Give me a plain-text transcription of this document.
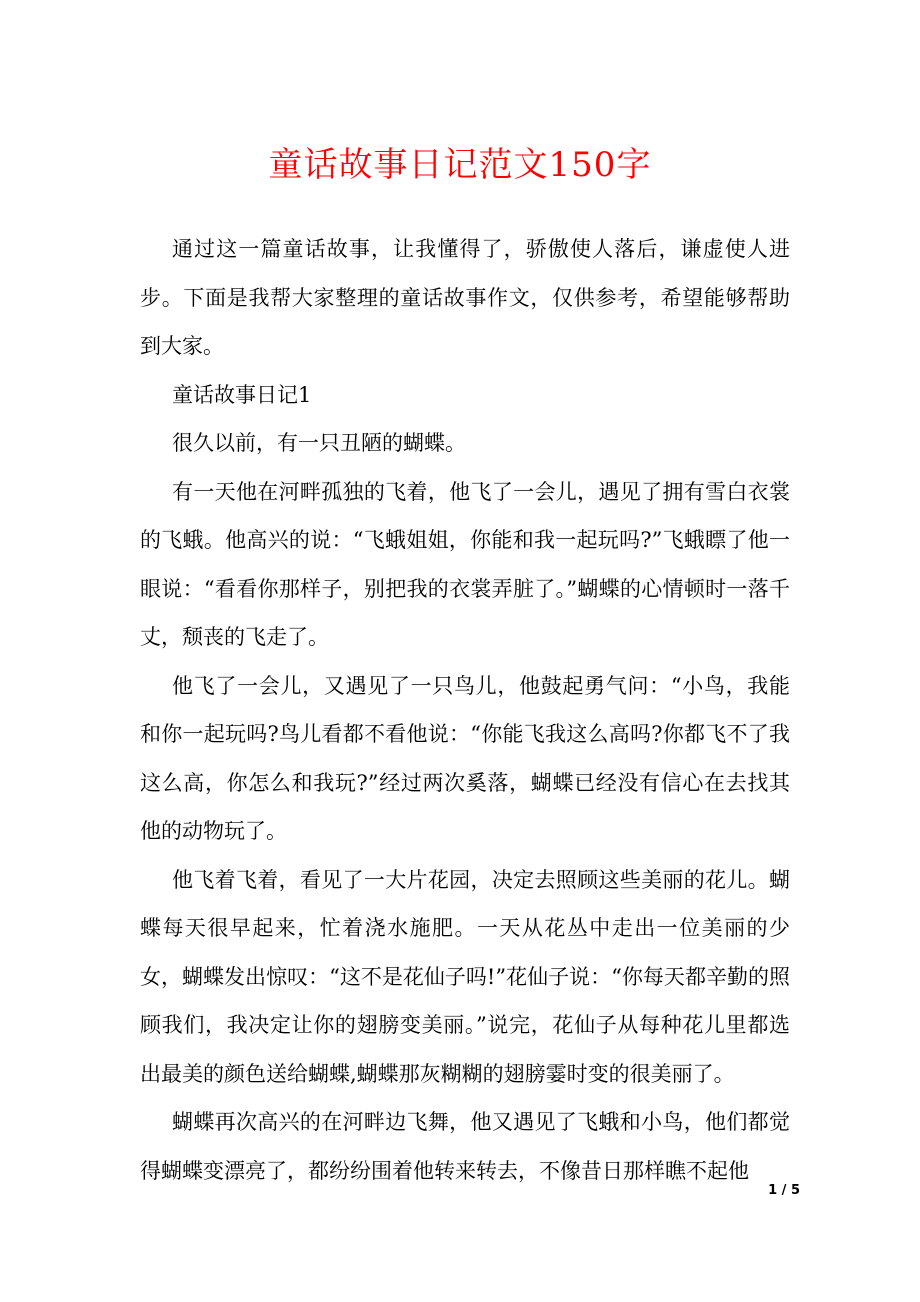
童话故事日记范文150字

通过这一篇童话故事，让我懂得了，骄傲使人落后，谦虚使人进步。下面是我帮大家整理的童话故事作文，仅供参考，希望能够帮助到大家。

童话故事日记1

很久以前，有一只丑陋的蝴蝶。

有一天他在河畔孤独的飞着，他飞了一会儿，遇见了拥有雪白衣裳的飞蛾。他高兴的说：“飞蛾姐姐，你能和我一起玩吗?”飞蛾瞟了他一眼说：“看看你那样子，别把我的衣裳弄脏了。”蝴蝶的心情顿时一落千丈，颓丧的飞走了。

他飞了一会儿，又遇见了一只鸟儿，他鼓起勇气问：“小鸟，我能和你一起玩吗?鸟儿看都不看他说：“你能飞我这么高吗?你都飞不了我这么高，你怎么和我玩?”经过两次奚落，蝴蝶已经没有信心在去找其他的动物玩了。

他飞着飞着，看见了一大片花园，决定去照顾这些美丽的花儿。蝴蝶每天很早起来，忙着浇水施肥。一天从花丛中走出一位美丽的少女，蝴蝶发出惊叹：“这不是花仙子吗!”花仙子说：“你每天都辛勤的照顾我们，我决定让你的翅膀变美丽。”说完，花仙子从每种花儿里都选出最美的颜色送给蝴蝶,蝴蝶那灰糊糊的翅膀霎时变的很美丽了。

蝴蝶再次高兴的在河畔边飞舞，他又遇见了飞蛾和小鸟，他们都觉得蝴蝶变漂亮了，都纷纷围着他转来转去，不像昔日那样瞧不起他

1 / 5
